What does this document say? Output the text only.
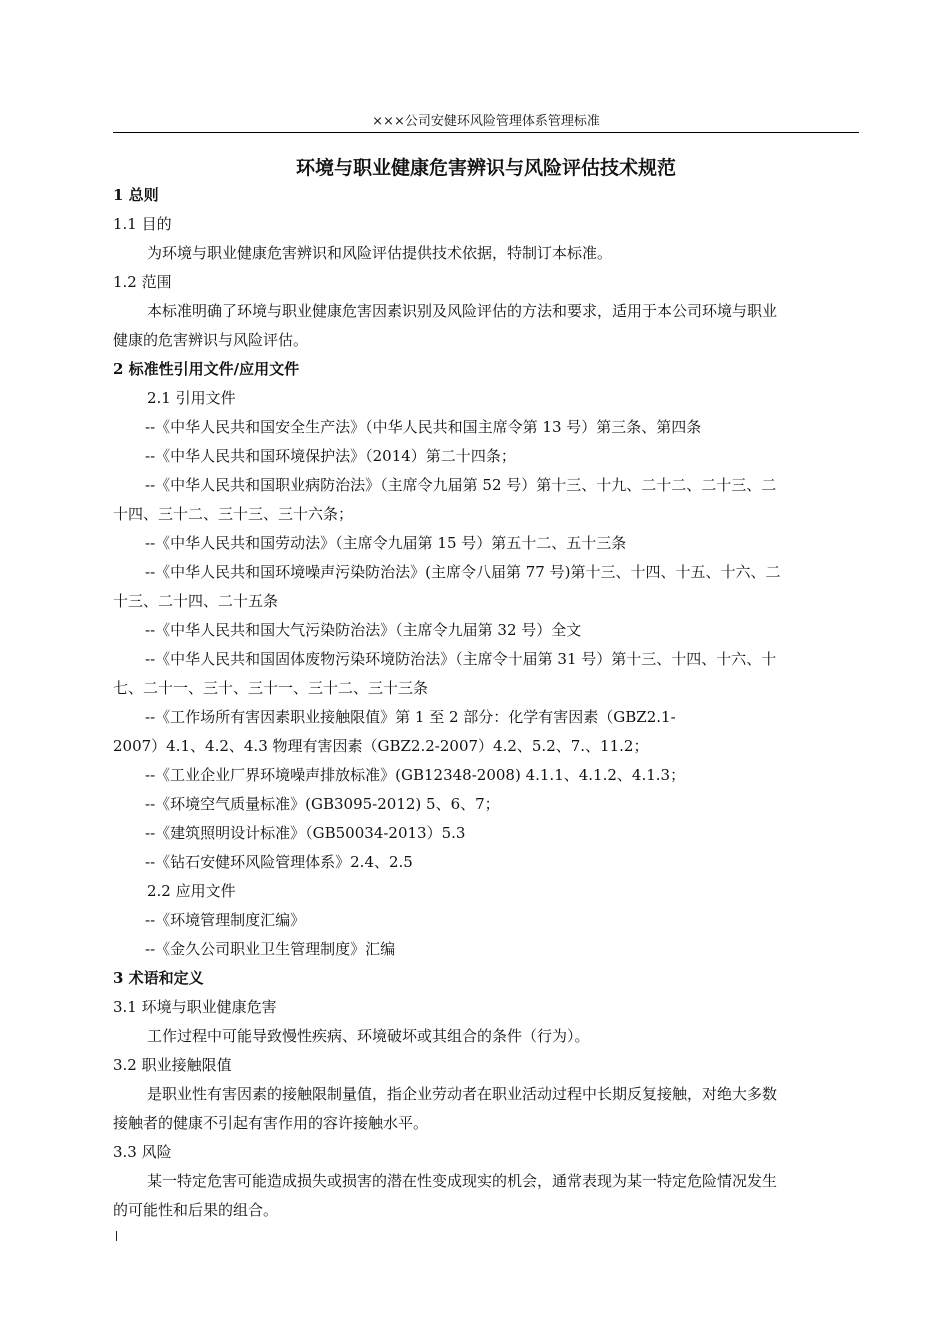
×××公司安健环风险管理体系管理标准
环境与职业健康危害辨识与风险评估技术规范

1 总则

1.1 目的

为环境与职业健康危害辨识和风险评估提供技术依据，特制订本标准。

1.2 范围

本标准明确了环境与职业健康危害因素识别及风险评估的方法和要求，适用于本公司环境与职业

健康的危害辨识与风险评估。

2 标准性引用文件/应用文件

2.1 引用文件

--《中华人民共和国安全生产法》（中华人民共和国主席令第 13 号）第三条、第四条

--《中华人民共和国环境保护法》（2014）第二十四条；

--《中华人民共和国职业病防治法》（主席令九届第 52 号）第十三、十九、二十二、二十三、二

十四、三十二、三十三、三十六条；

--《中华人民共和国劳动法》（主席令九届第 15 号）第五十二、五十三条

--《中华人民共和国环境噪声污染防治法》(主席令八届第 77 号)第十三、十四、十五、十六、二

十三、二十四、二十五条

--《中华人民共和国大气污染防治法》（主席令九届第 32 号）全文

--《中华人民共和国固体废物污染环境防治法》（主席令十届第 31 号）第十三、十四、十六、十

七、二十一、三十、三十一、三十二、三十三条

--《工作场所有害因素职业接触限值》第 1 至 2 部分：化学有害因素（GBZ2.1-

2007）4.1、4.2、4.3 物理有害因素（GBZ2.2-2007）4.2、5.2、7.、11.2；

--《工业企业厂界环境噪声排放标准》(GB12348-2008) 4.1.1、4.1.2、4.1.3；

--《环境空气质量标准》(GB3095-2012) 5、6、7；

--《建筑照明设计标准》（GB50034-2013）5.3

--《钻石安健环风险管理体系》2.4、2.5

2.2 应用文件

--《环境管理制度汇编》

--《金久公司职业卫生管理制度》汇编

3 术语和定义

3.1 环境与职业健康危害

工作过程中可能导致慢性疾病、环境破坏或其组合的条件（行为）。

3.2 职业接触限值

是职业性有害因素的接触限制量值，指企业劳动者在职业活动过程中长期反复接触，对绝大多数

接触者的健康不引起有害作用的容许接触水平。

3.3 风险

某一特定危害可能造成损失或损害的潜在性变成现实的机会，通常表现为某一特定危险情况发生

的可能性和后果的组合。
